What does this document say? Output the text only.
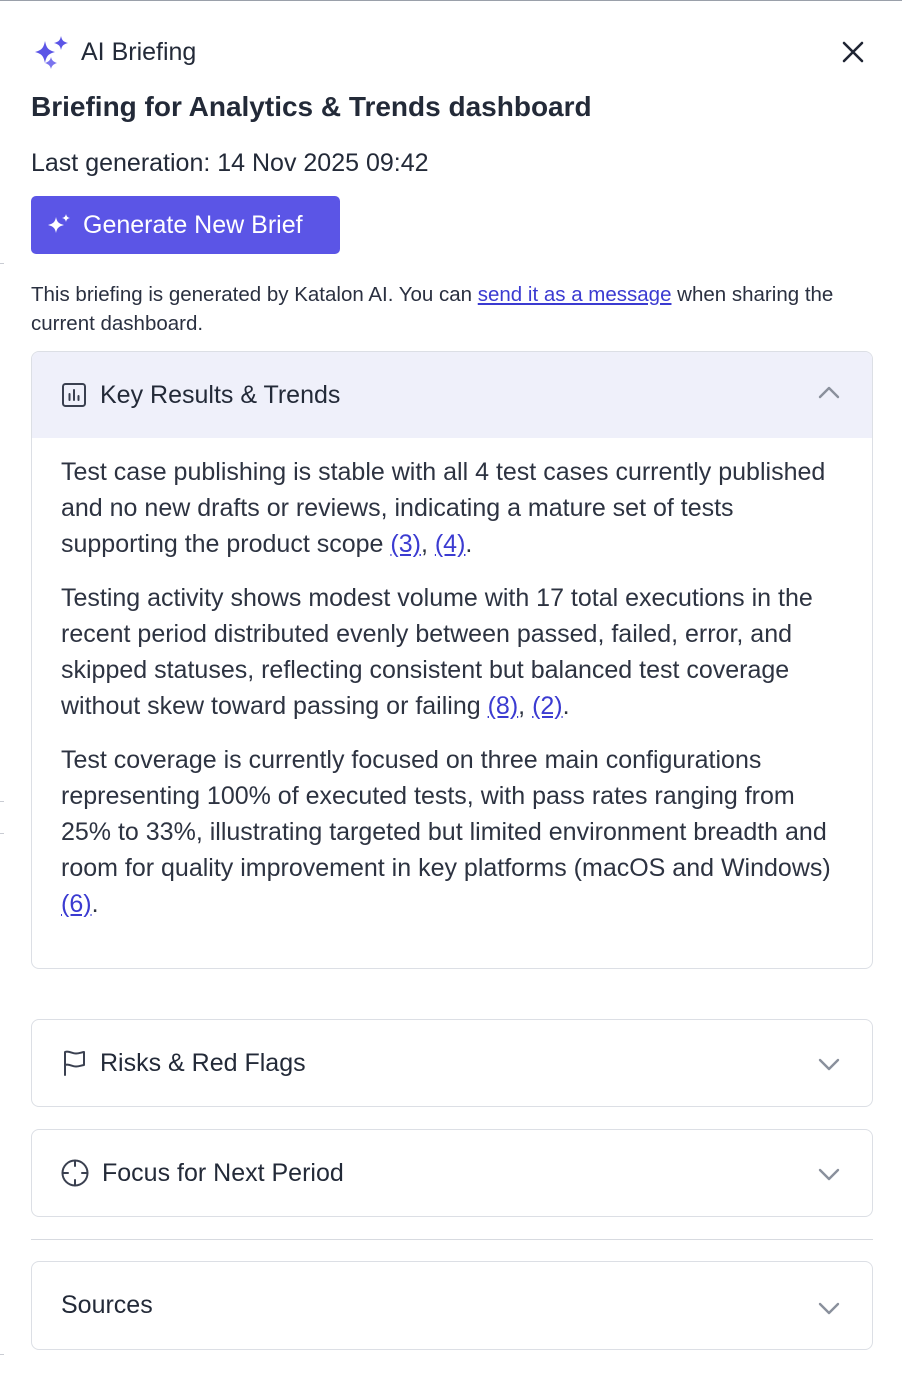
AI Briefing
Briefing for Analytics & Trends dashboard
Last generation: 14 Nov 2025 09:42
Generate New Brief
This briefing is generated by Katalon AI. You can send it as a message when sharing the current dashboard.
Key Results & Trends

Test case publishing is stable with all 4 test cases currently published and no new drafts or reviews, indicating a mature set of tests supporting the product scope (3), (4).

Testing activity shows modest volume with 17 total executions in the recent period distributed evenly between passed, failed, error, and skipped statuses, reflecting consistent but balanced test coverage without skew toward passing or failing (8), (2).

Test coverage is currently focused on three main configurations representing 100% of executed tests, with pass rates ranging from 25% to 33%, illustrating targeted but limited environment breadth and room for quality improvement in key platforms (macOS and Windows) (6).

Risks & Red Flags
Focus for Next Period
Sources
